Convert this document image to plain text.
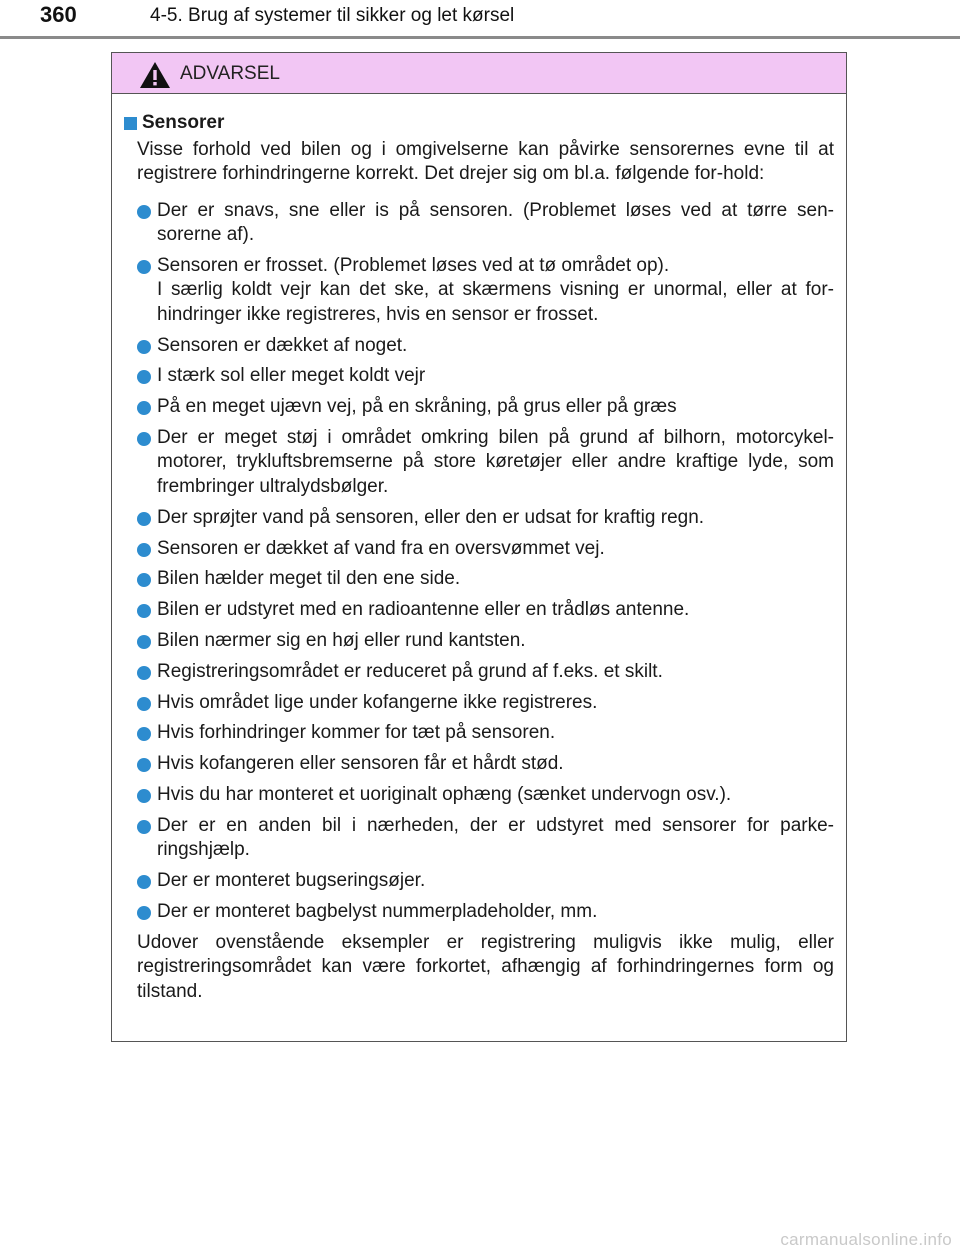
360	4-5. Brug af systemer til sikker og let kørsel
ADVARSEL
Sensorer
Visse forhold ved bilen og i omgivelserne kan påvirke sensorernes evne til at registrere forhindringerne korrekt. Det drejer sig om bl.a. følgende for-hold:
Der er snavs, sne eller is på sensoren. (Problemet løses ved at tørre sen-sorerne af).
Sensoren er frosset. (Problemet løses ved at tø området op).
I særlig koldt vejr kan det ske, at skærmens visning er unormal, eller at for-hindringer ikke registreres, hvis en sensor er frosset.
Sensoren er dækket af noget.
I stærk sol eller meget koldt vejr
På en meget ujævn vej, på en skråning, på grus eller på græs
Der er meget støj i området omkring bilen på grund af bilhorn, motorcykel-motorer, trykluftsbremserne på store køretøjer eller andre kraftige lyde, som frembringer ultralydsbølger.
Der sprøjter vand på sensoren, eller den er udsat for kraftig regn.
Sensoren er dækket af vand fra en oversvømmet vej.
Bilen hælder meget til den ene side.
Bilen er udstyret med en radioantenne eller en trådløs antenne.
Bilen nærmer sig en høj eller rund kantsten.
Registreringsområdet er reduceret på grund af f.eks. et skilt.
Hvis området lige under kofangerne ikke registreres.
Hvis forhindringer kommer for tæt på sensoren.
Hvis kofangeren eller sensoren får et hårdt stød.
Hvis du har monteret et uoriginalt ophæng (sænket undervogn osv.).
Der er en anden bil i nærheden, der er udstyret med sensorer for parke-ringshjælp.
Der er monteret bugseringsøjer.
Der er monteret bagbelyst nummerpladeholder, mm.
Udover ovenstående eksempler er registrering muligvis ikke mulig, eller registreringsområdet kan være forkortet, afhængig af forhindringernes form og tilstand.
carmanualsonline.info
